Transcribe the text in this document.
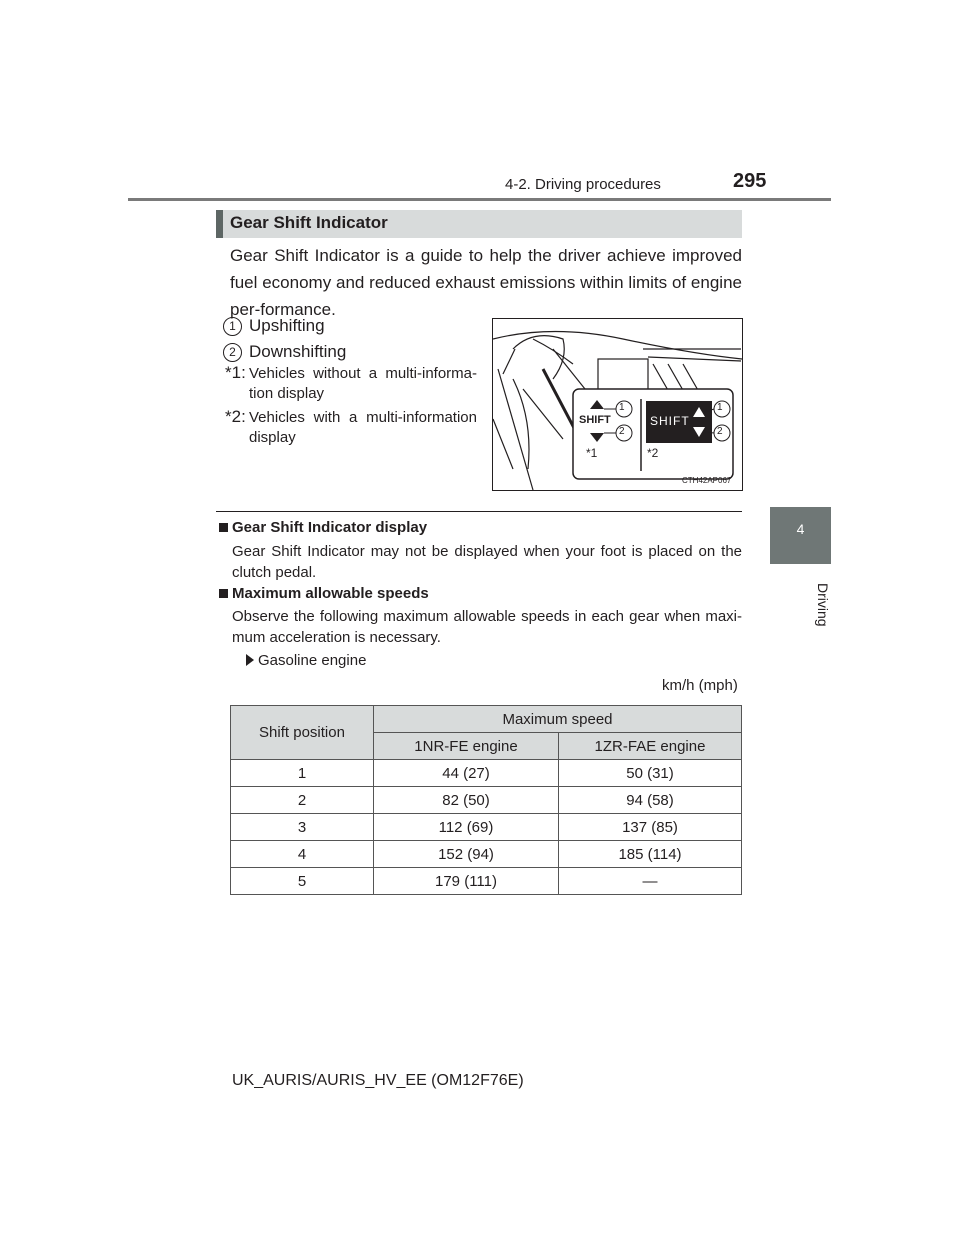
4-2. Driving procedures	295
4
Driving
Gear Shift Indicator
Gear Shift Indicator is a guide to help the driver achieve improved fuel economy and reduced exhaust emissions within limits of engine per-formance.
1 Upshifting
2 Downshifting
*1: Vehicles without a multi-informa-tion display
*2: Vehicles with a multi-information display
SHIFT	SHIFT
1
2
1
2
*1	*2
CTH42AP067
Gear Shift Indicator display
Gear Shift Indicator may not be displayed when your foot is placed on the clutch pedal.
Maximum allowable speeds
Observe the following maximum allowable speeds in each gear when maxi-mum acceleration is necessary.
Gasoline engine
km/h (mph)
Shift position	Maximum speed	
	1NR-FE engine	1ZR-FAE engine
1	44 (27)	50 (31)
2	82 (50)	94 (58)
3	112 (69)	137 (85)
4	152 (94)	185 (114)
5	179 (111)	—
UK_AURIS/AURIS_HV_EE (OM12F76E)
